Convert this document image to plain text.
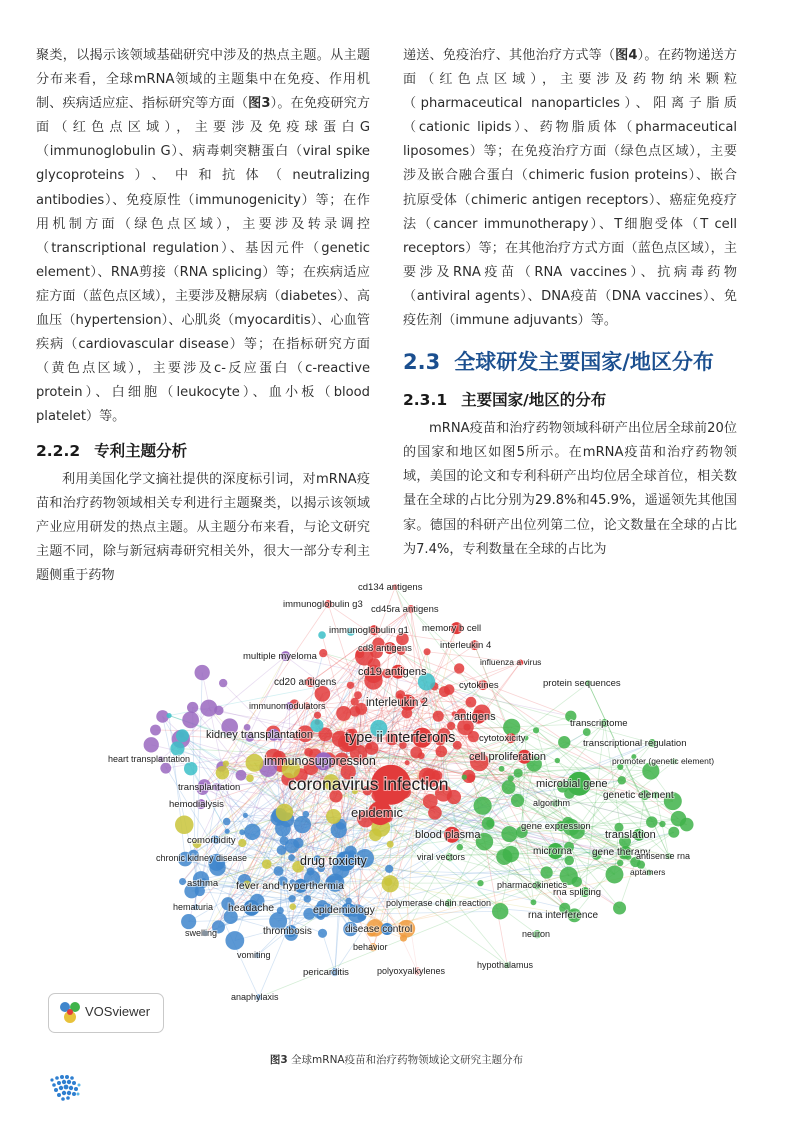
聚类，以揭示该领域基础研究中涉及的热点主题。从主题分布来看，全球mRNA领域的主题集中在免疫、作用机制、疾病适应症、指标研究等方面（图3）。在免疫研究方面（红色点区域），主要涉及免疫球蛋白G（immunoglobulin G）、病毒刺突糖蛋白（viral spike glycoproteins）、中和抗体（neutralizing antibodies）、免疫原性（immunogenicity）等；在作用机制方面（绿色点区域），主要涉及转录调控（transcriptional regulation）、基因元件（genetic element）、RNA剪接（RNA splicing）等；在疾病适应症方面（蓝色点区域），主要涉及糖尿病（diabetes）、高血压（hypertension）、心肌炎（myocarditis）、心血管疾病（cardiovascular disease）等；在指标研究方面（黄色点区域），主要涉及c-反应蛋白（c-reactive protein）、白细胞（leukocyte）、血小板（blood platelet）等。

2.2.2 专利主题分析

利用美国化学文摘社提供的深度标引词，对mRNA疫苗和治疗药物领域相关专利进行主题聚类，以揭示该领域产业应用研发的热点主题。从主题分布来看，与论文研究主题不同，除与新冠病毒研究相关外，很大一部分专利主题侧重于药物

递送、免疫治疗、其他治疗方式等（图4）。在药物递送方面（红色点区域），主要涉及药物纳米颗粒（pharmaceutical nanoparticles）、阳离子脂质（cationic lipids）、药物脂质体（pharmaceutical liposomes）等；在免疫治疗方面（绿色点区域），主要涉及嵌合融合蛋白（chimeric fusion proteins）、嵌合抗原受体（chimeric antigen receptors）、癌症免疫疗法（cancer immunotherapy）、T细胞受体（T cell receptors）等；在其他治疗方式方面（蓝色点区域），主要涉及RNA疫苗（RNA vaccines）、抗病毒药物（antiviral agents）、DNA疫苗（DNA vaccines）、免疫佐剂（immune adjuvants）等。

2.3 全球研发主要国家/地区分布
2.3.1 主要国家/地区的分布

mRNA疫苗和治疗药物领域科研产出位居全球前20位的国家和地区如图5所示。在mRNA疫苗和治疗药物领域，美国的论文和专利科研产出均位居全球首位，相关数量在全球的占比分别为29.8%和45.9%，遥遥领先其他国家。德国的科研产出位列第二位，论文数量在全球的占比为7.4%，专利数量在全球的占比为

cd134 antigens
immunoglobulin g3 cd45ra antigens
immunoglobulin g1 memory b cell
cd8 antigens	interleukin 4
multiple myeloma	influenza a virus
cd19 antigens
cd20 antigens	cytokines	protein sequences
immunomodulators	interleukin 2
antigens
transcriptome
kidney transplantation type ii interferons cytotoxicity	transcriptional regulation
heart transplantation	immunosuppression	cell proliferation	promoter (genetic element)
transplantation	coronavirus infection	microbial gene
hemodialysis
genetic element
algorithm
epidemic
gene expression
blood plasma
comorbidity	translation
microrna gene therapy
chronic kidney disease	viral vectors
drug toxicity	antisense rna
aptamers
asthma fever and hyperthermia	pharmacokinetics
rna splicing
polymerase chain reaction
hematuria headache	epidemiology	rna interference
swelling	thrombosis	disease control	neuron
behavior
vomiting
hypothalamus
pericarditis	polyoxyalkylenes
anaphylaxis
VOSviewer
图3 全球mRNA疫苗和治疗药物领域论文研究主题分布
